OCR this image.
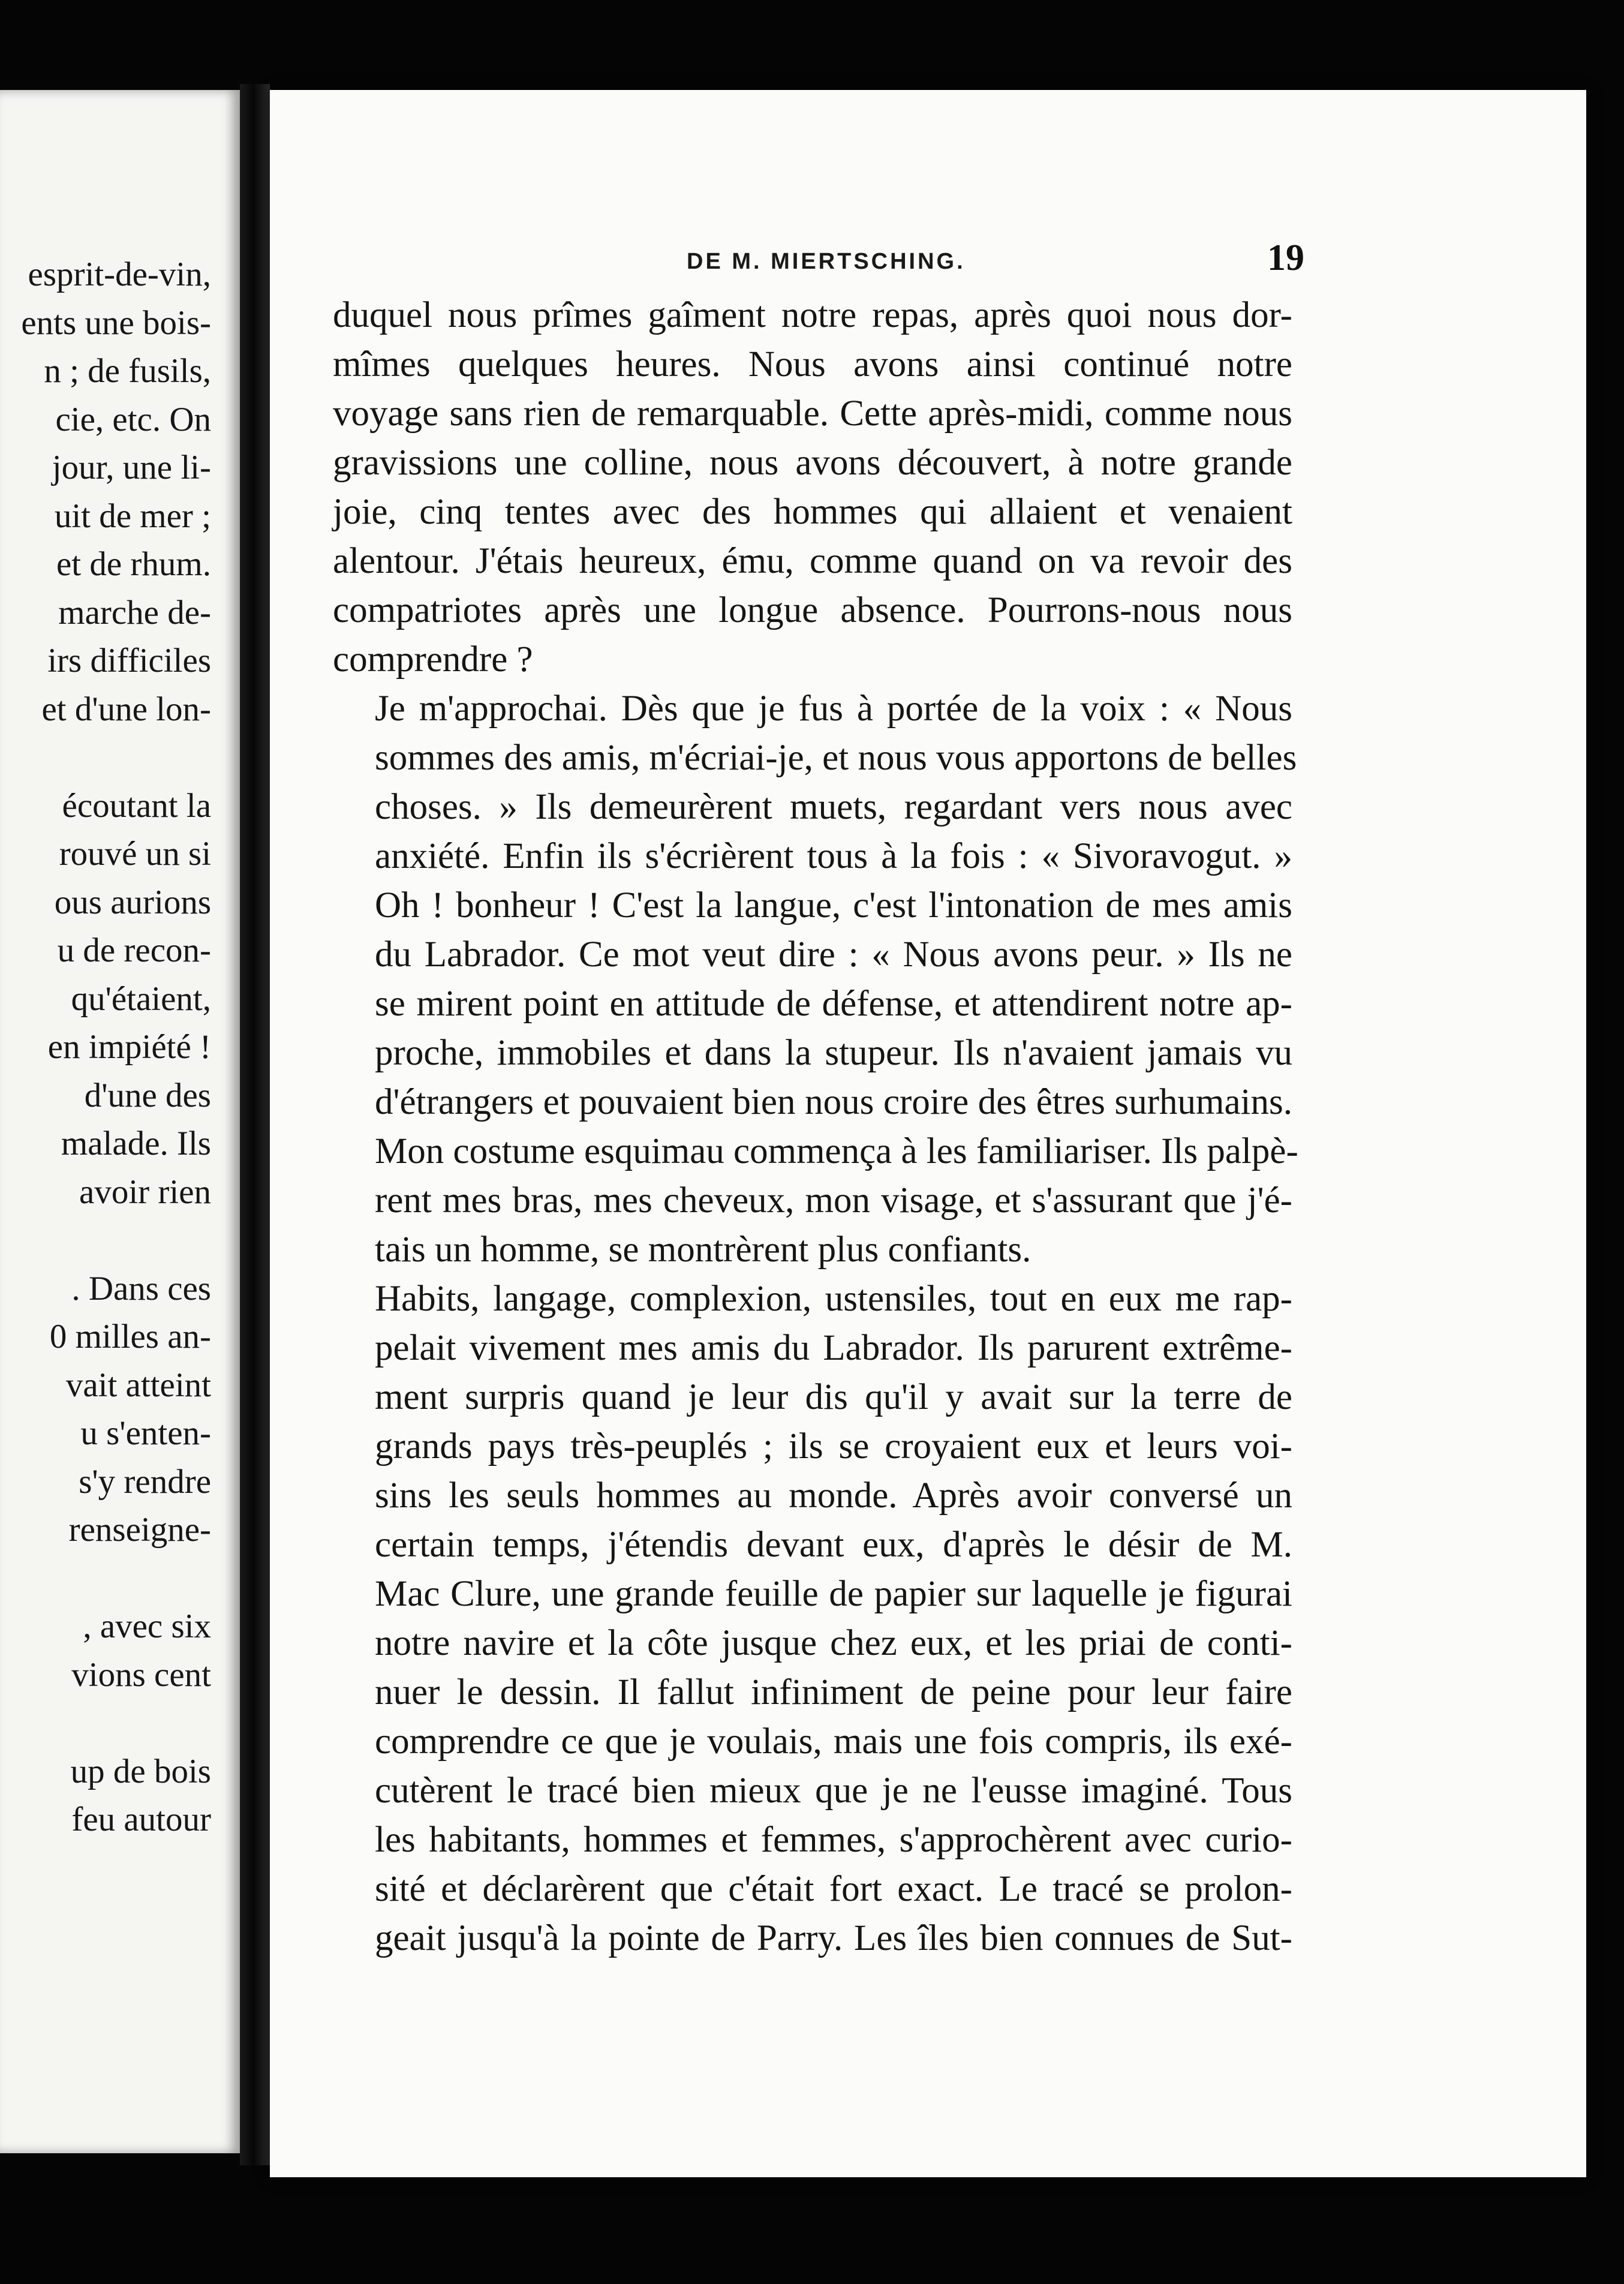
esprit-de-vin,
ents une bois-
n ; de fusils,
cie, etc. On
jour, une li-
uit de mer ;
et de rhum.
marche de-
irs difficiles
et d'une lon-
écoutant la
rouvé un si
ous aurions
u de recon-
qu'étaient,
en impiété !
d'une des
malade. Ils
avoir rien
. Dans ces
0 milles an-
vait atteint
u s'enten-
s'y rendre
renseigne-
, avec six
vions cent
up de bois
feu autour
DE M. MIERTSCHING.	19
duquel nous prîmes gaîment notre repas, après quoi nous dor-
mîmes quelques heures. Nous avons ainsi continué notre
voyage sans rien de remarquable. Cette après-midi, comme nous
gravissions une colline, nous avons découvert, à notre grande
joie, cinq tentes avec des hommes qui allaient et venaient
alentour. J'étais heureux, ému, comme quand on va revoir des
compatriotes après une longue absence. Pourrons-nous nous
comprendre ?
Je m'approchai. Dès que je fus à portée de la voix : « Nous
sommes des amis, m'écriai-je, et nous vous apportons de belles
choses. » Ils demeurèrent muets, regardant vers nous avec
anxiété. Enfin ils s'écrièrent tous à la fois : « Sivoravogut. »
Oh ! bonheur ! C'est la langue, c'est l'intonation de mes amis
du Labrador. Ce mot veut dire : « Nous avons peur. » Ils ne
se mirent point en attitude de défense, et attendirent notre ap-
proche, immobiles et dans la stupeur. Ils n'avaient jamais vu
d'étrangers et pouvaient bien nous croire des êtres surhumains.
Mon costume esquimau commença à les familiariser. Ils palpè-
rent mes bras, mes cheveux, mon visage, et s'assurant que j'é-
tais un homme, se montrèrent plus confiants.
Habits, langage, complexion, ustensiles, tout en eux me rap-
pelait vivement mes amis du Labrador. Ils parurent extrême-
ment surpris quand je leur dis qu'il y avait sur la terre de
grands pays très-peuplés ; ils se croyaient eux et leurs voi-
sins les seuls hommes au monde. Après avoir conversé un
certain temps, j'étendis devant eux, d'après le désir de M.
Mac Clure, une grande feuille de papier sur laquelle je figurai
notre navire et la côte jusque chez eux, et les priai de conti-
nuer le dessin. Il fallut infiniment de peine pour leur faire
comprendre ce que je voulais, mais une fois compris, ils exé-
cutèrent le tracé bien mieux que je ne l'eusse imaginé. Tous
les habitants, hommes et femmes, s'approchèrent avec curio-
sité et déclarèrent que c'était fort exact. Le tracé se prolon-
geait jusqu'à la pointe de Parry. Les îles bien connues de Sut-
